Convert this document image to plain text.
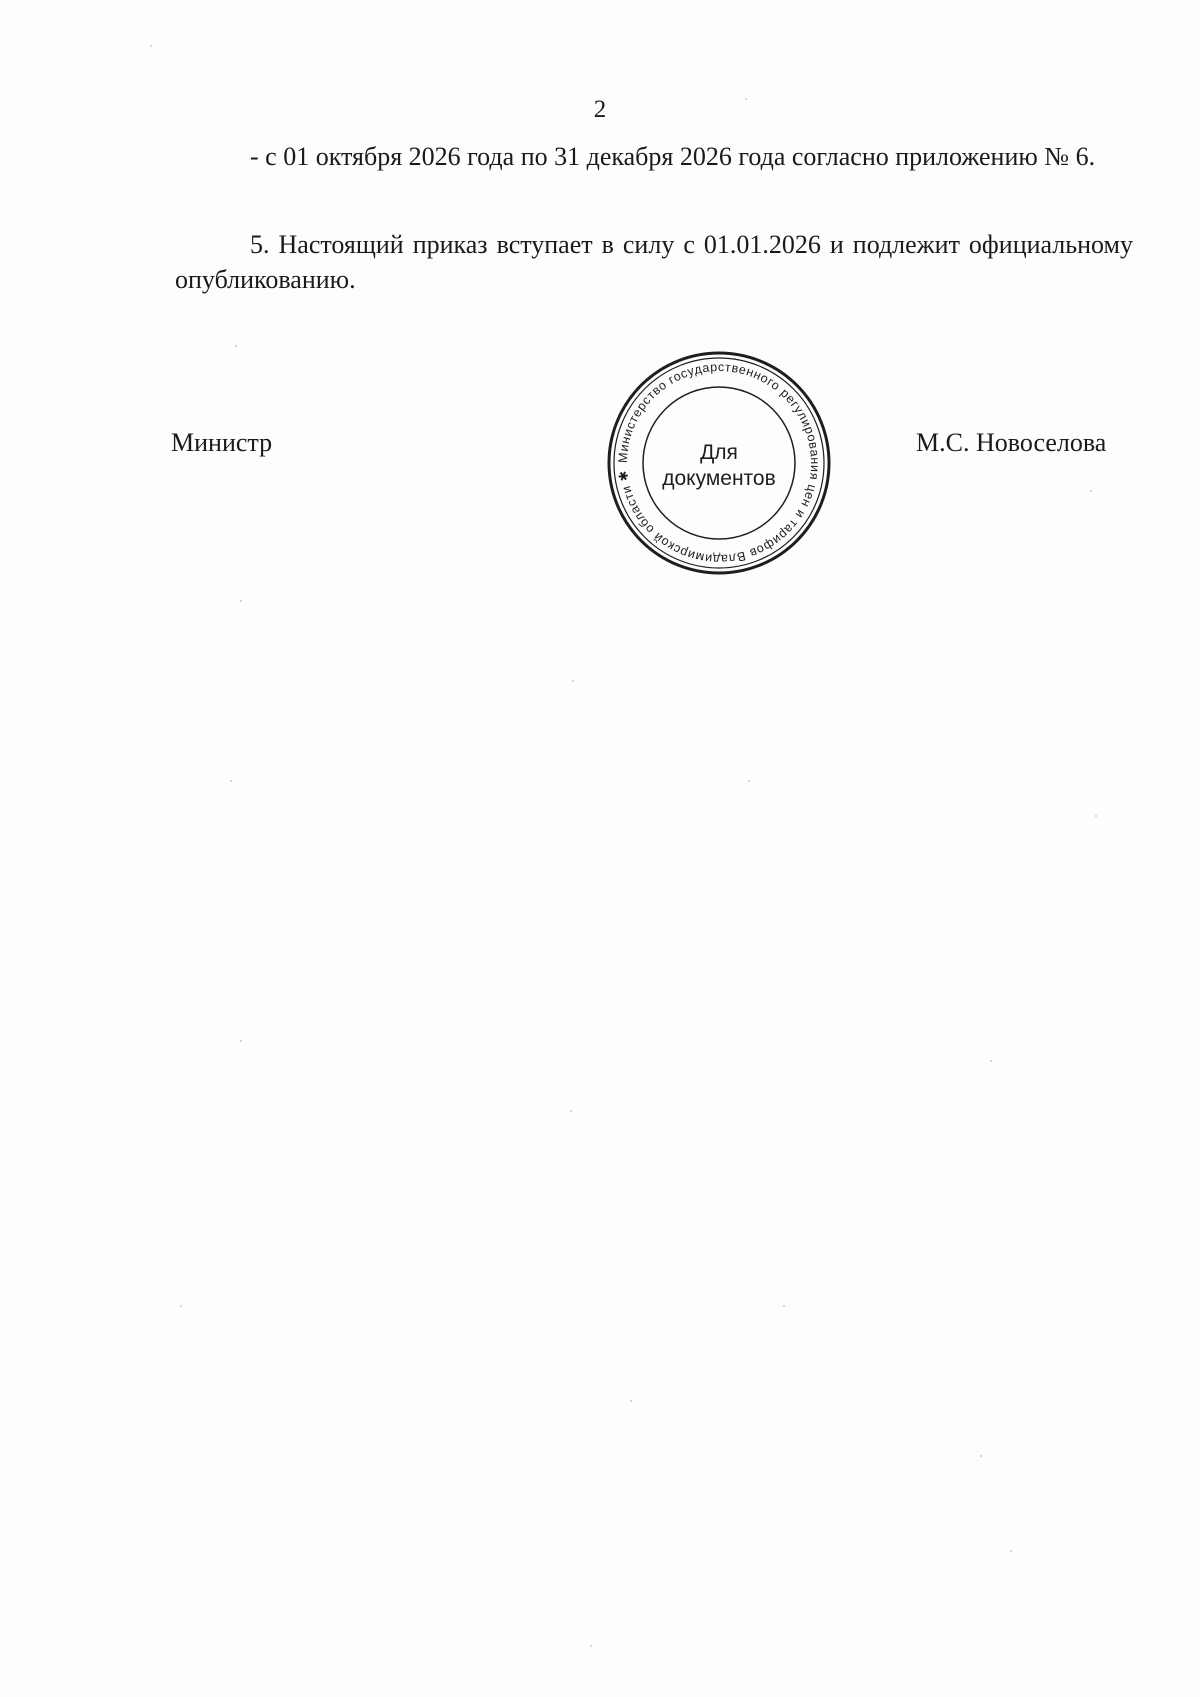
2

- с 01 октября 2026 года по 31 декабря 2026 года согласно приложению № 6.

5. Настоящий приказ вступает в силу с 01.01.2026 и подлежит официальному опубликованию.

Министр
Министерство государственного регулирования цен и тарифов Владимирской области ✱
Для
документов
М.С. Новоселова
